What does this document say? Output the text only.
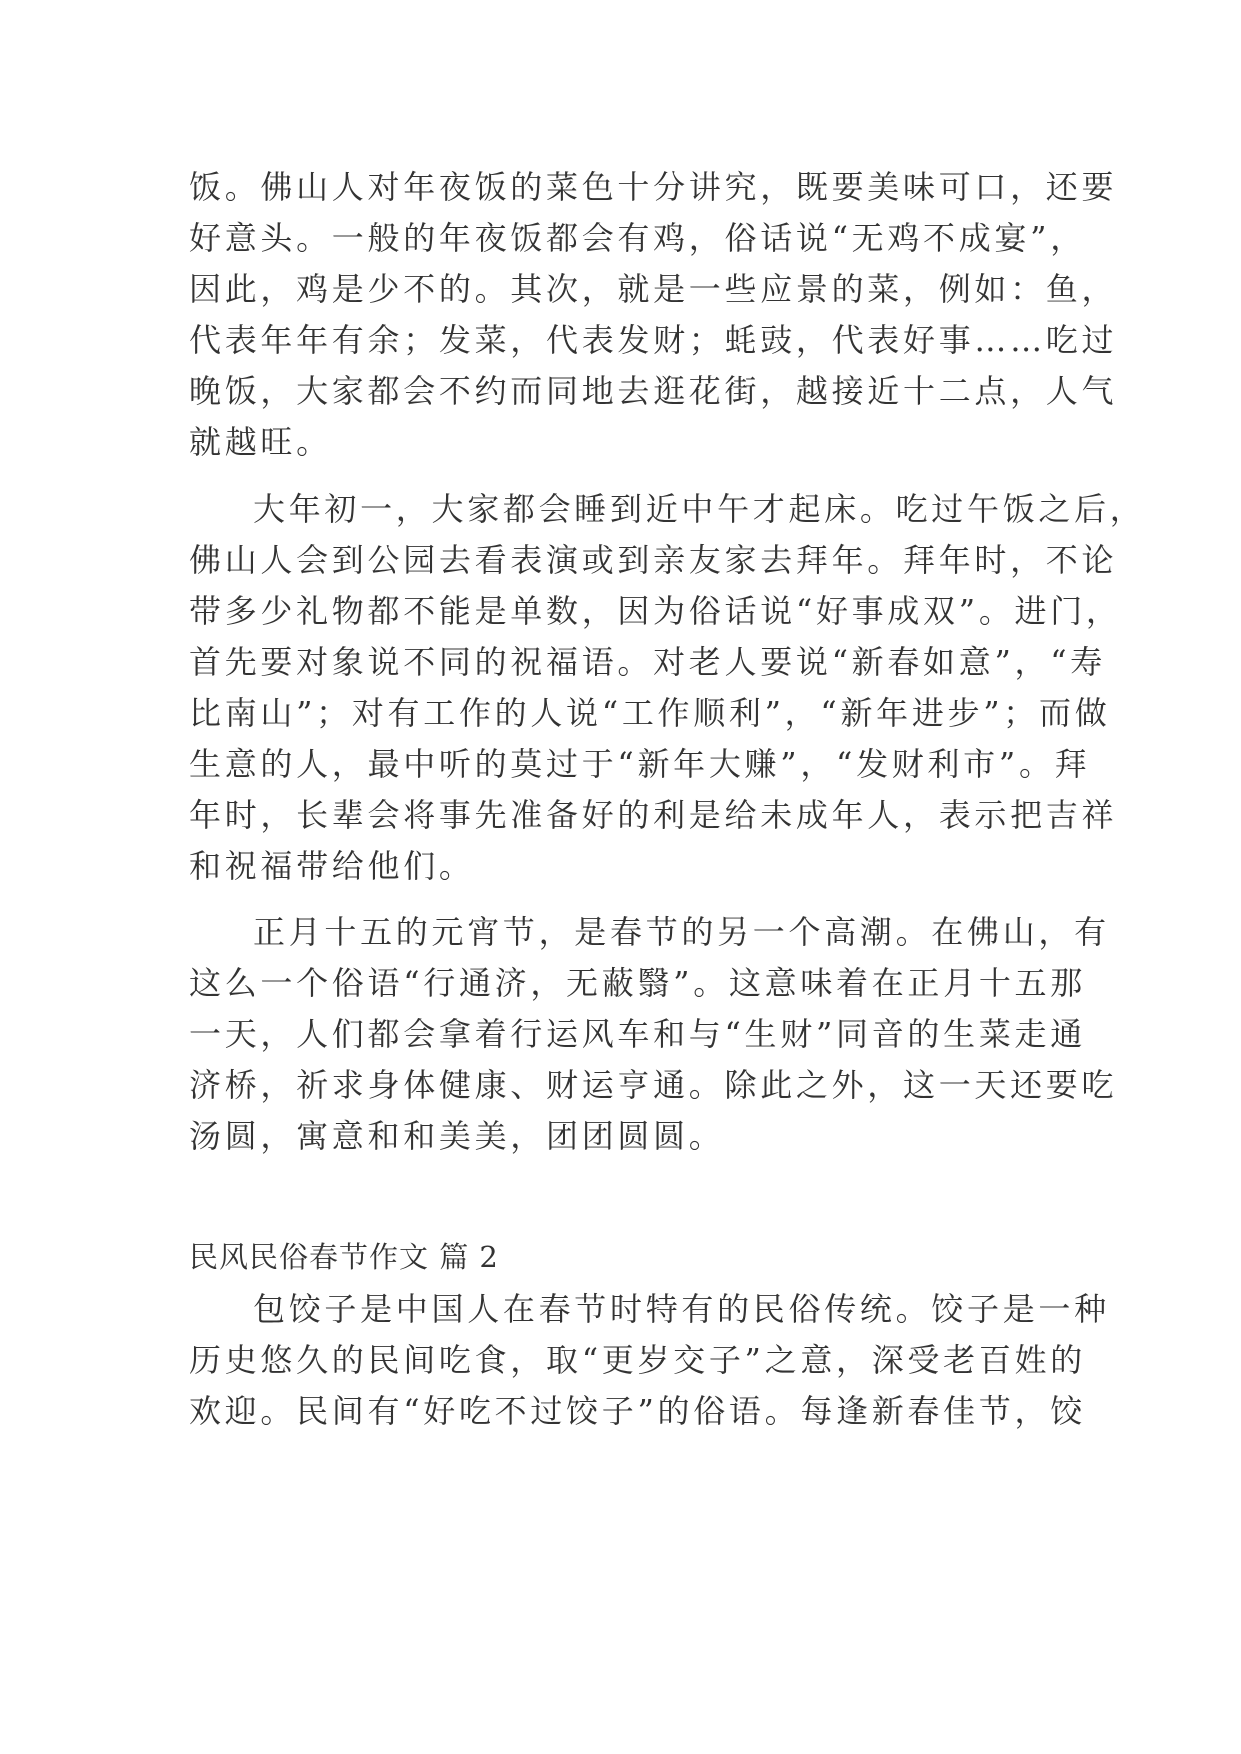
饭。佛山人对年夜饭的菜色十分讲究，既要美味可口，还要
好意头。一般的年夜饭都会有鸡，俗话说“无鸡不成宴”，
因此，鸡是少不的。其次，就是一些应景的菜，例如：鱼，
代表年年有余；发菜，代表发财；蚝豉，代表好事……吃过
晚饭，大家都会不约而同地去逛花街，越接近十二点，人气
就越旺。
大年初一，大家都会睡到近中午才起床。吃过午饭之后，
佛山人会到公园去看表演或到亲友家去拜年。拜年时，不论
带多少礼物都不能是单数，因为俗话说“好事成双”。进门，
首先要对象说不同的祝福语。对老人要说“新春如意”，“寿
比南山”；对有工作的人说“工作顺利”，“新年进步”；而做
生意的人，最中听的莫过于“新年大赚”，“发财利市”。拜
年时，长辈会将事先准备好的利是给未成年人，表示把吉祥
和祝福带给他们。
正月十五的元宵节，是春节的另一个高潮。在佛山，有
这么一个俗语“行通济，无蔽翳”。这意味着在正月十五那
一天，人们都会拿着行运风车和与“生财”同音的生菜走通
济桥，祈求身体健康、财运亨通。除此之外，这一天还要吃
汤圆，寓意和和美美，团团圆圆。
民风民俗春节作文 篇 2
包饺子是中国人在春节时特有的民俗传统。饺子是一种
历史悠久的民间吃食，取“更岁交子”之意，深受老百姓的
欢迎。民间有“好吃不过饺子”的俗语。每逢新春佳节，饺
